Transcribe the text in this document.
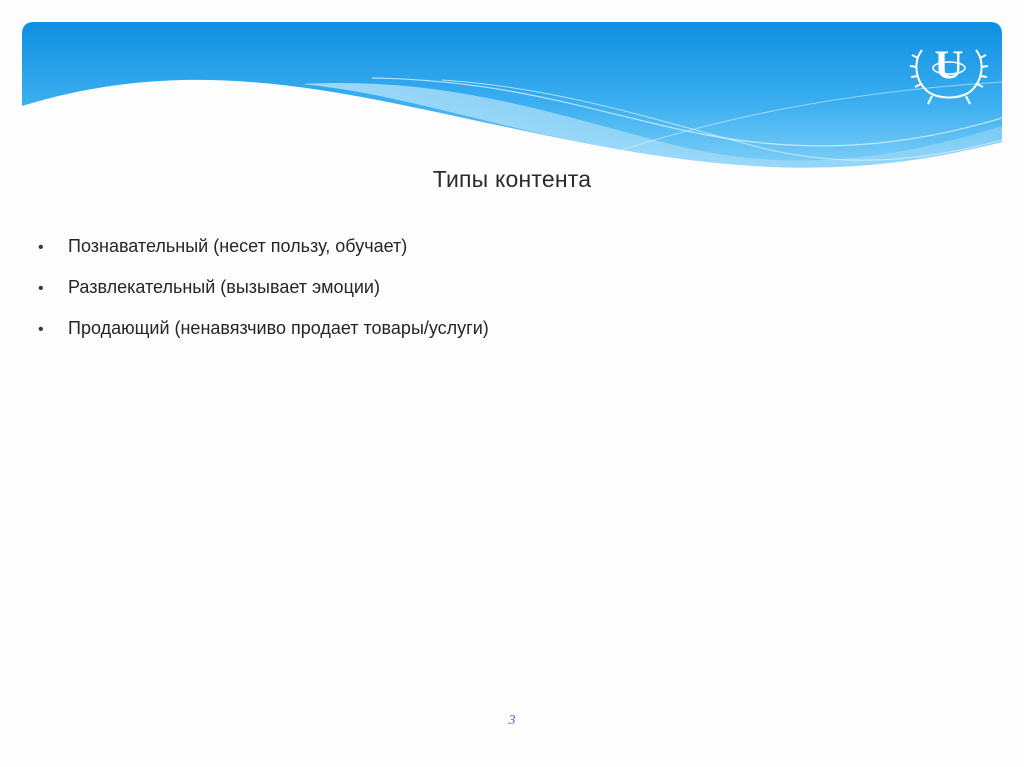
U
Типы контента
• Познавательный (несет пользу, обучает)
• Развлекательный (вызывает эмоции)
• Продающий (ненавязчиво продает товары/услуги)
3
